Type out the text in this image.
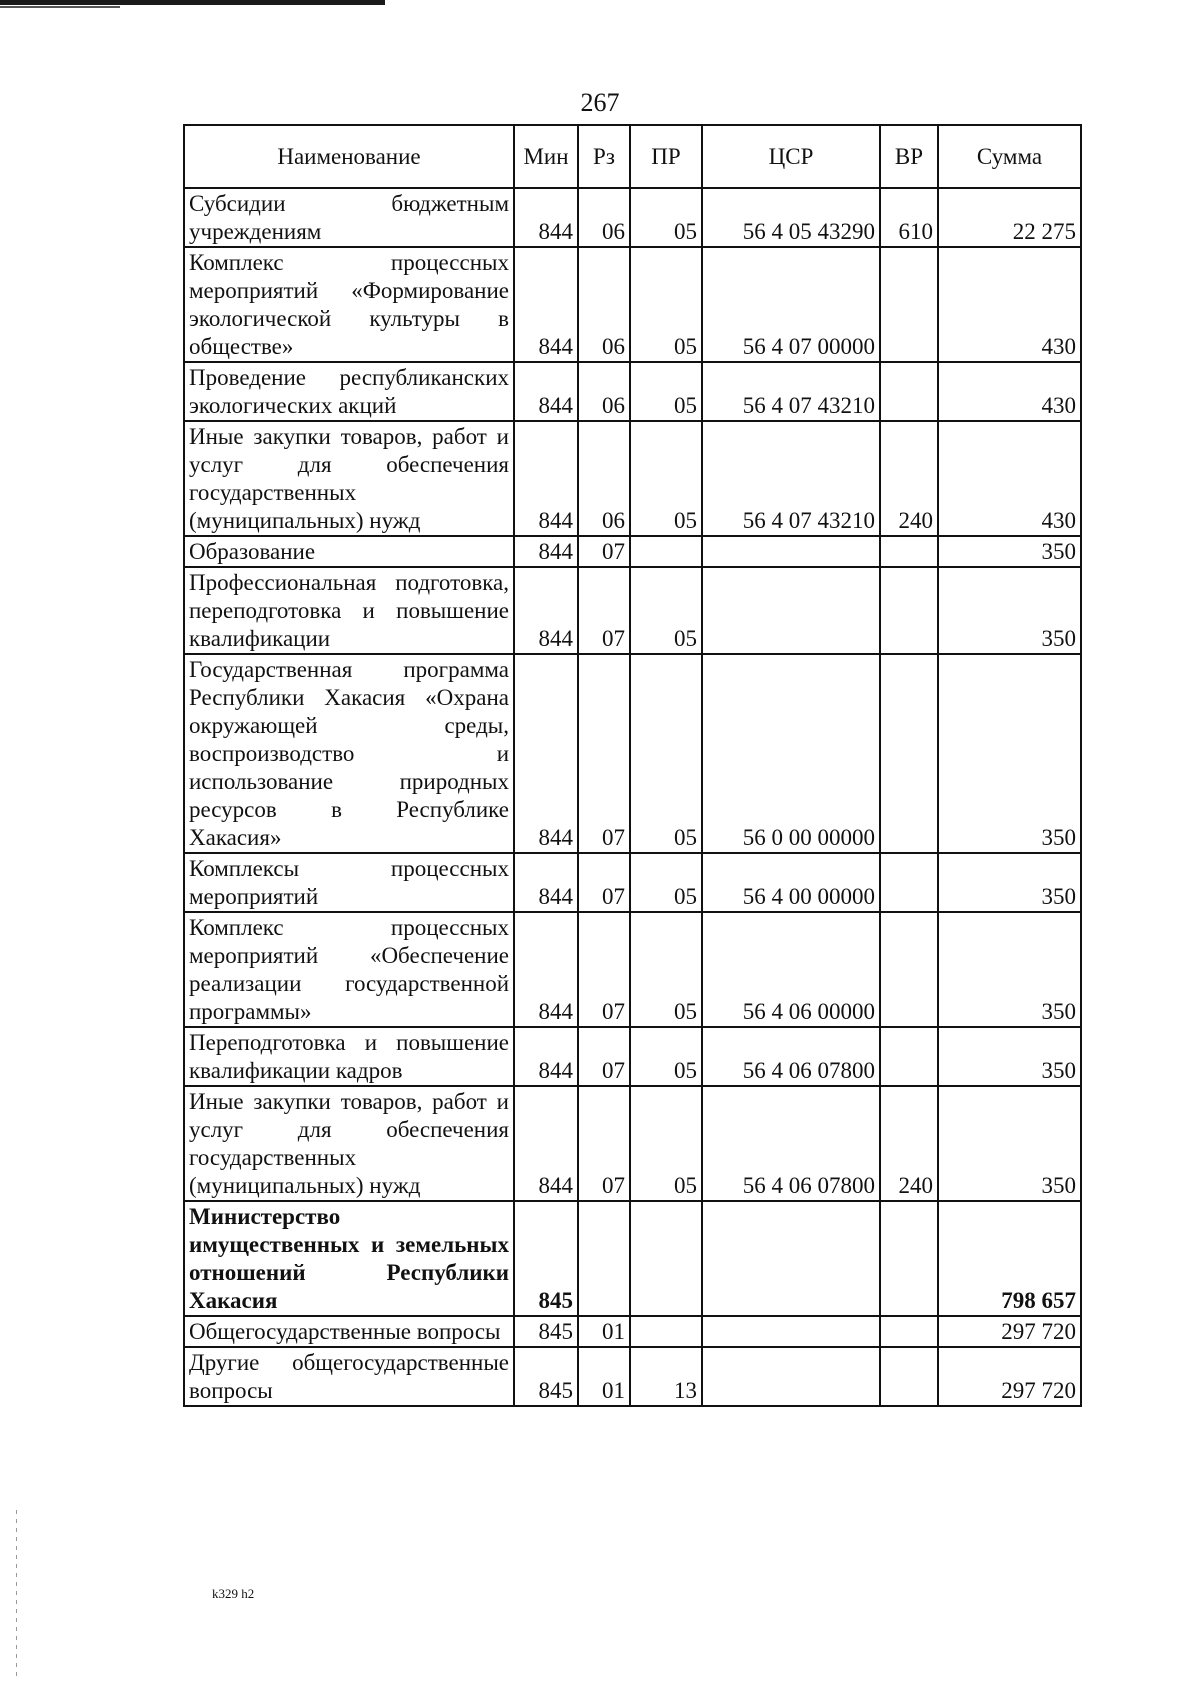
267
Наименование	Мин	Рз	ПР	ЦСР	ВР	Сумма
Субсидии бюджетным учреждениям	844	06	05	56 4 05 43290	610	22 275
Комплекс процессных мероприятий «Формирование экологической культуры в обществе»	844	06	05	56 4 07 00000		430
Проведение республиканских экологических акций	844	06	05	56 4 07 43210		430
Иные закупки товаров, работ и услуг для обеспечения государственных (муниципальных) нужд	844	06	05	56 4 07 43210	240	430
Образование	844	07				350
Профессиональная подготовка, переподготовка и повышение квалификации	844	07	05			350
Государственная программа Республики Хакасия «Охрана окружающей среды, воспроизводство и использование природных ресурсов в Республике Хакасия»	844	07	05	56 0 00 00000		350
Комплексы процессных мероприятий	844	07	05	56 4 00 00000		350
Комплекс процессных мероприятий «Обеспечение реализации государственной программы»	844	07	05	56 4 06 00000		350
Переподготовка и повышение квалификации кадров	844	07	05	56 4 06 07800		350
Иные закупки товаров, работ и услуг для обеспечения государственных (муниципальных) нужд	844	07	05	56 4 06 07800	240	350
Министерство имущественных и земельных отношений Республики Хакасия	845					798 657
Общегосударственные вопросы	845	01				297 720
Другие общегосударственные вопросы	845	01	13			297 720
k329 h2
